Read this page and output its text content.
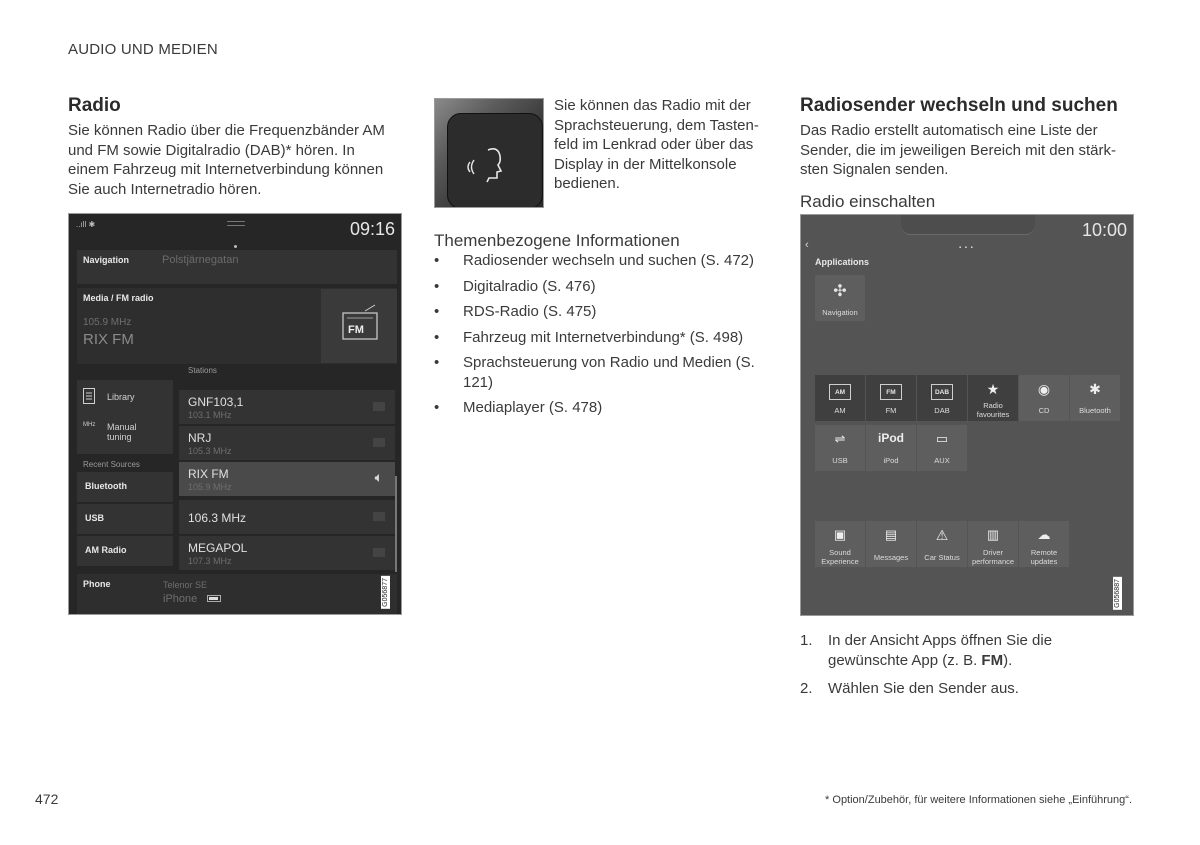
AUDIO UND MEDIEN
Radio

Sie können Radio über die Frequenzbänder AM und FM sowie Digitalradio (DAB)* hören. In einem Fahrzeug mit Internetverbindung können Sie auch Internetradio hören.

..ıll ✱	09:16
Navigation	Polstjärnegatan
Media / FM radio
105.9 MHz
RIX FM
FM
Stations
Library
MHz Manual
tuning
Recent Sources
Bluetooth
USB
AM Radio
GNF103,1
103.1 MHz
NRJ
105.3 MHz
RIX FM
105.9 MHz
🔈︎
106.3 MHz
MEGAPOL
107.3 MHz
Phone	Telenor SE
iPhone	G056877

Sie können das Radio mit der Sprachsteuerung, dem Tasten-feld im Lenkrad oder über das Display in der Mittelkonsole bedienen.

Themenbezogene Informationen
• Radiosender wechseln und suchen (S. 472)
• Digitalradio (S. 476)
• RDS-Radio (S. 475)
• Fahrzeug mit Internetverbindung* (S. 498)
• Sprachsteuerung von Radio und Medien (S. 121)
• Mediaplayer (S. 478)
Radiosender wechseln und suchen

Das Radio erstellt automatisch eine Liste der Sender, die im jeweiligen Bereich mit den stärk-sten Signalen senden.

Radio einschalten
10:00
‹	▪ ▪ ▪
Applications
✣
Navigation
AM
AM
FM
FM
DAB
DAB
★
Radio favourites
◉
CD
✱
Bluetooth
⇌
USB
iPod
iPod
▭
AUX
▣
Sound Experience
▤
Messages
⚠
Car Status
▥
Driver performance
☁
Remote updates
G056887
1. In der Ansicht Apps öffnen Sie die gewünschte App (z. B. FM).
2. Wählen Sie den Sender aus.
472	* Option/Zubehör, für weitere Informationen siehe „Einführung“.
